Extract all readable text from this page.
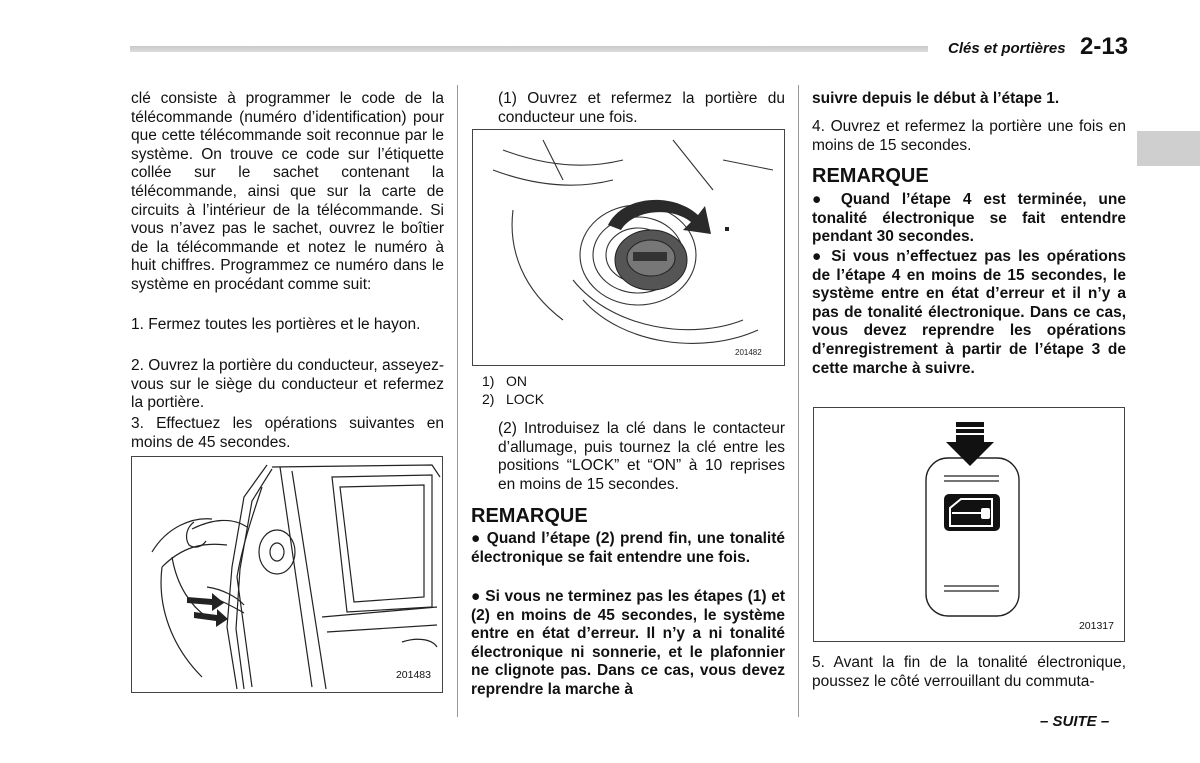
Clés et portières 2-13

clé consiste à programmer le code de la télécommande (numéro d’identification) pour que cette télécommande soit reconnue par le système. On trouve ce code sur l’étiquette collée sur le sachet contenant la télécommande, ainsi que sur la carte de circuits à l’intérieur de la télécommande. Si vous n’avez pas le sachet, ouvrez le boîtier de la télécommande et notez le numéro à huit chiffres. Programmez ce numéro dans le système en procédant comme suit:

1. Fermez toutes les portières et le hayon.

2. Ouvrez la portière du conducteur, asseyez-vous sur le siège du conducteur et refermez la portière.

3. Effectuez les opérations suivantes en moins de 45 secondes.

201483

(1) Ouvrez et refermez la portière du conducteur une fois.

201482
1) ON
2) LOCK

(2) Introduisez la clé dans le contacteur d’allumage, puis tournez la clé entre les positions “LOCK” et “ON” à 10 reprises en moins de 15 secondes.

REMARQUE

● Quand l’étape (2) prend fin, une tonalité électronique se fait entendre une fois.

● Si vous ne terminez pas les étapes (1) et (2) en moins de 45 secondes, le système entre en état d’erreur. Il n’y a ni tonalité électronique ni sonnerie, et le plafonnier ne clignote pas. Dans ce cas, vous devez reprendre la marche à

suivre depuis le début à l’étape 1.

4. Ouvrez et refermez la portière une fois en moins de 15 secondes.

REMARQUE

● Quand l’étape 4 est terminée, une tonalité électronique se fait entendre pendant 30 secondes.

● Si vous n’effectuez pas les opérations de l’étape 4 en moins de 15 secondes, le système entre en état d’erreur et il n’y a pas de tonalité électronique. Dans ce cas, vous devez reprendre les opérations d’enregistrement à partir de l’étape 3 de cette marche à suivre.

201317

5. Avant la fin de la tonalité électronique, poussez le côté verrouillant du commuta-

– SUITE –
